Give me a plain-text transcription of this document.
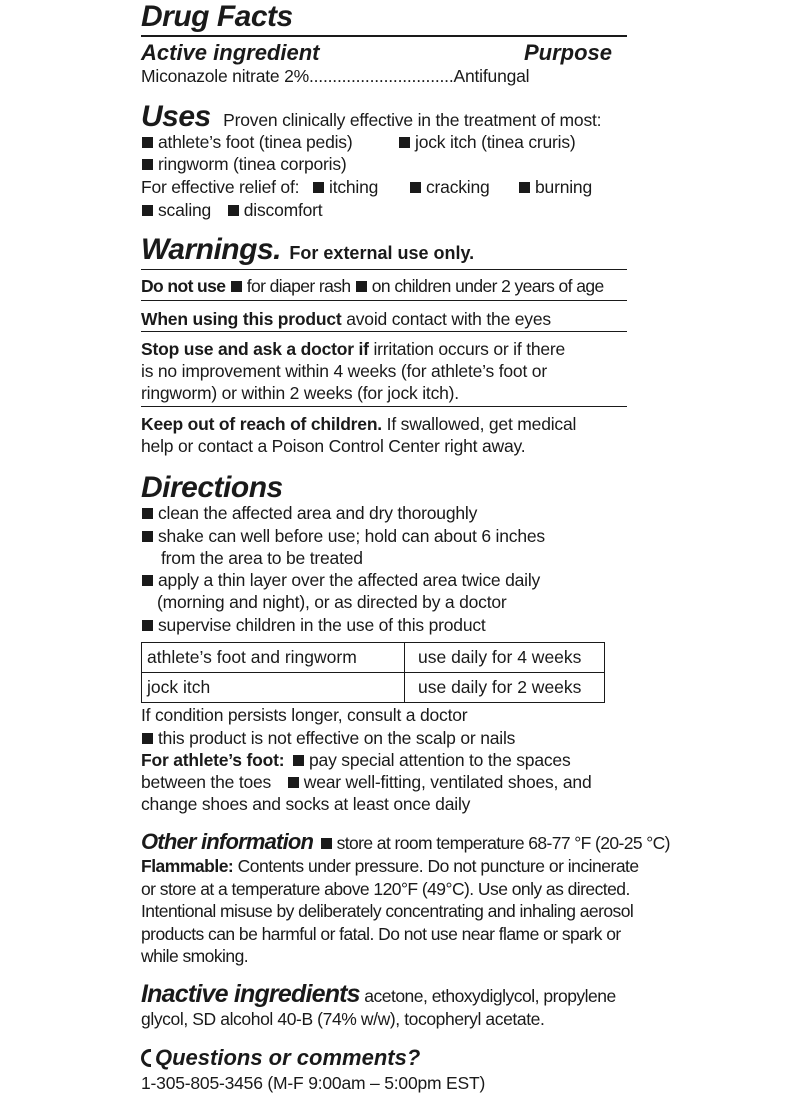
Drug Facts
Active ingredient	Purpose
Miconazole nitrate 2%...............................Antifungal
Uses Proven clinically effective in the treatment of most:
athlete’s foot (tinea pedis)	jock itch (tinea cruris)
ringworm (tinea corporis)
For effective relief of:	itching	cracking	burning
scaling discomfort
Warnings. For external use only.
Do not use for diaper rash on children under 2 years of age
When using this product avoid contact with the eyes
Stop use and ask a doctor if irritation occurs or if there
is no improvement within 4 weeks (for athlete’s foot or
ringworm) or within 2 weeks (for jock itch).
Keep out of reach of children. If swallowed, get medical
help or contact a Poison Control Center right away.
Directions
clean the affected area and dry thoroughly
shake can well before use; hold can about 6 inches
from the area to be treated
apply a thin layer over the affected area twice daily
(morning and night), or as directed by a doctor
supervise children in the use of this product
athlete’s foot and ringworm	use daily for 4 weeks
jock itch	use daily for 2 weeks
If condition persists longer, consult a doctor
this product is not effective on the scalp or nails
For athlete’s foot: pay special attention to the spaces
between the toes wear well-fitting, ventilated shoes, and
change shoes and socks at least once daily
Other information store at room temperature 68-77 °F (20-25 °C)
Flammable: Contents under pressure. Do not puncture or incinerate
or store at a temperature above 120°F (49°C). Use only as directed.
Intentional misuse by deliberately concentrating and inhaling aerosol
products can be harmful or fatal. Do not use near flame or spark or
while smoking.
Inactive ingredients acetone, ethoxydiglycol, propylene
glycol, SD alcohol 40-B (74% w/w), tocopheryl acetate.
Questions or comments?
1-305-805-3456 (M-F 9:00am – 5:00pm EST)
